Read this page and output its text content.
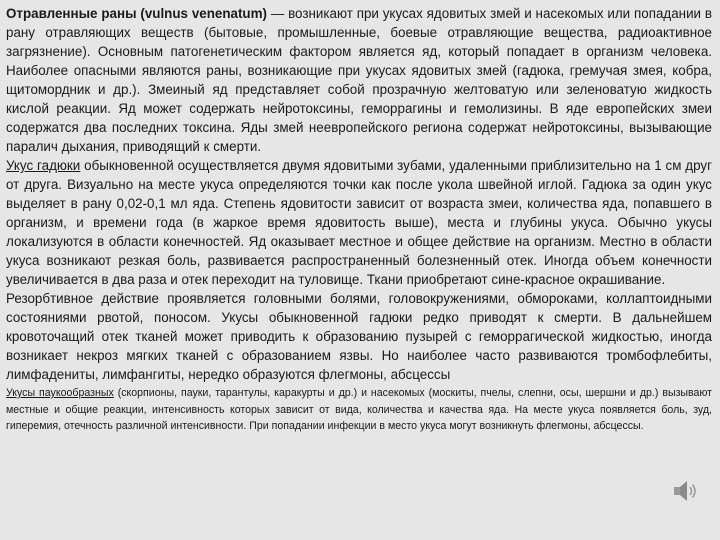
Отравленные раны (vulnus venenatum) — возникают при укусах ядовитых змей и насекомых или попадании в рану отравляющих веществ (бытовые, промышленные, боевые отравляющие вещества, радиоактивное загрязнение). Основным патогенетическим фактором является яд, который попадает в организм человека. Наиболее опасными являются раны, возникающие при укусах ядовитых змей (гадюка, гремучая змея, кобра, щитомордник и др.). Змеиный яд представляет собой прозрачную желтоватую или зеленоватую жидкость кислой реакции. Яд может содержать нейротоксины, геморрагины и гемолизины. В яде европейских змеи содержатся два последних токсина. Яды змей неевропейского региона содержат нейротоксины, вызывающие паралич дыхания, приводящий к смерти.

Укус гадюки обыкновенной осуществляется двумя ядовитыми зубами, удаленными приблизительно на 1 см друг от друга. Визуально на месте укуса определяются точки как после укола швейной иглой. Гадюка за один укус выделяет в рану 0,02-0,1 мл яда. Степень ядовитости зависит от возраста змеи, количества яда, попавшего в организм, и времени года (в жаркое время ядовитость выше), места и глубины укуса. Обычно укусы локализуются в области конечностей. Яд оказывает местное и общее действие на организм. Местно в области укуса возникают резкая боль, развивается распространенный болезненный отек. Иногда объем конечности увеличивается в два раза и отек переходит на туловище. Ткани приобретают сине-красное окрашивание.

Резорбтивное действие проявляется головными болями, головокружениями, обмороками, коллаптоидными состояниями рвотой, поносом. Укусы обыкновенной гадюки редко приводят к смерти. В дальнейшем кровоточащий отек тканей может приводить к образованию пузырей с геморрагической жидкостью, иногда возникает некроз мягких тканей с образованием язвы. Но наиболее часто развиваются тромбофлебиты, лимфадениты, лимфангиты, нередко образуются флегмоны, абсцессы

Укусы паукообразных (скорпионы, пауки, тарантулы, каракурты и др.) и насекомых (москиты, пчелы, слепни, осы, шершни и др.) вызывают местные и общие реакции, интенсивность которых зависит от вида, количества и качества яда. На месте укуса появляется боль, зуд, гиперемия, отечность различной интенсивности. При попадании инфекции в место укуса могут возникнуть флегмоны, абсцессы.
